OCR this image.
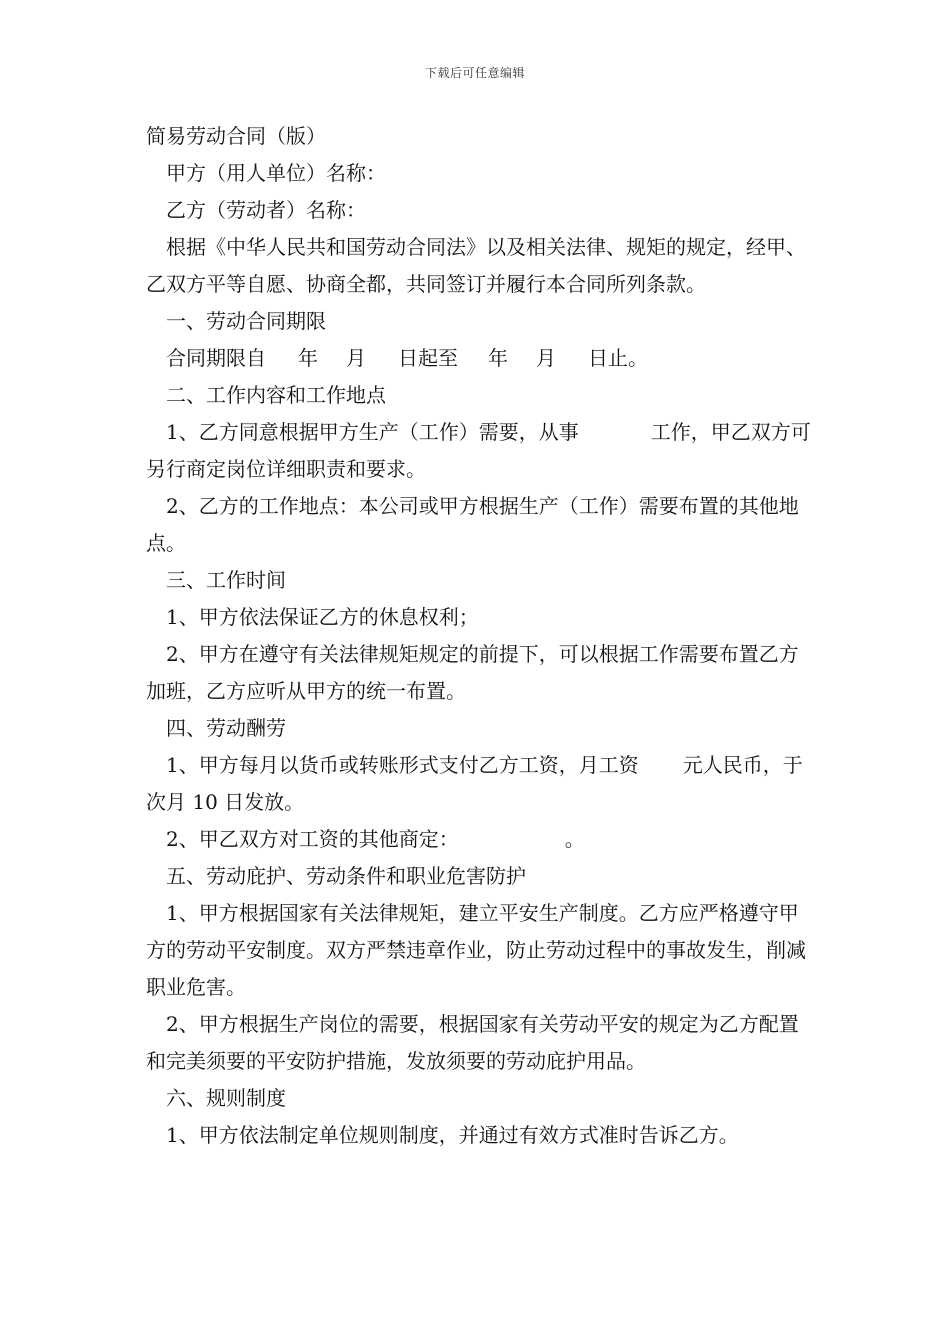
下载后可任意编辑

简易劳动合同（版）

甲方（用人单位）名称：

乙方（劳动者）名称：

根据《中华人民共和国劳动合同法》以及相关法律、规矩的规定，经甲、乙双方平等自愿、协商全都，共同签订并履行本合同所列条款。

一、劳动合同期限

合同期限自 年 月 日起至 年 月 日止。

二、工作内容和工作地点

1、乙方同意根据甲方生产（工作）需要，从事	工作，甲乙双方可另行商定岗位详细职责和要求。

2、乙方的工作地点：本公司或甲方根据生产（工作）需要布置的其他地点。

三、工作时间

1、甲方依法保证乙方的休息权利；

2、甲方在遵守有关法律规矩规定的前提下，可以根据工作需要布置乙方加班，乙方应听从甲方的统一布置。

四、劳动酬劳

1、甲方每月以货币或转账形式支付乙方工资，月工资 元人民币，于次月 10 日发放。

2、甲乙双方对工资的其他商定：	。

五、劳动庇护、劳动条件和职业危害防护

1、甲方根据国家有关法律规矩，建立平安生产制度。乙方应严格遵守甲方的劳动平安制度。双方严禁违章作业，防止劳动过程中的事故发生，削减职业危害。

2、甲方根据生产岗位的需要，根据国家有关劳动平安的规定为乙方配置和完美须要的平安防护措施，发放须要的劳动庇护用品。

六、规则制度

1、甲方依法制定单位规则制度，并通过有效方式准时告诉乙方。
